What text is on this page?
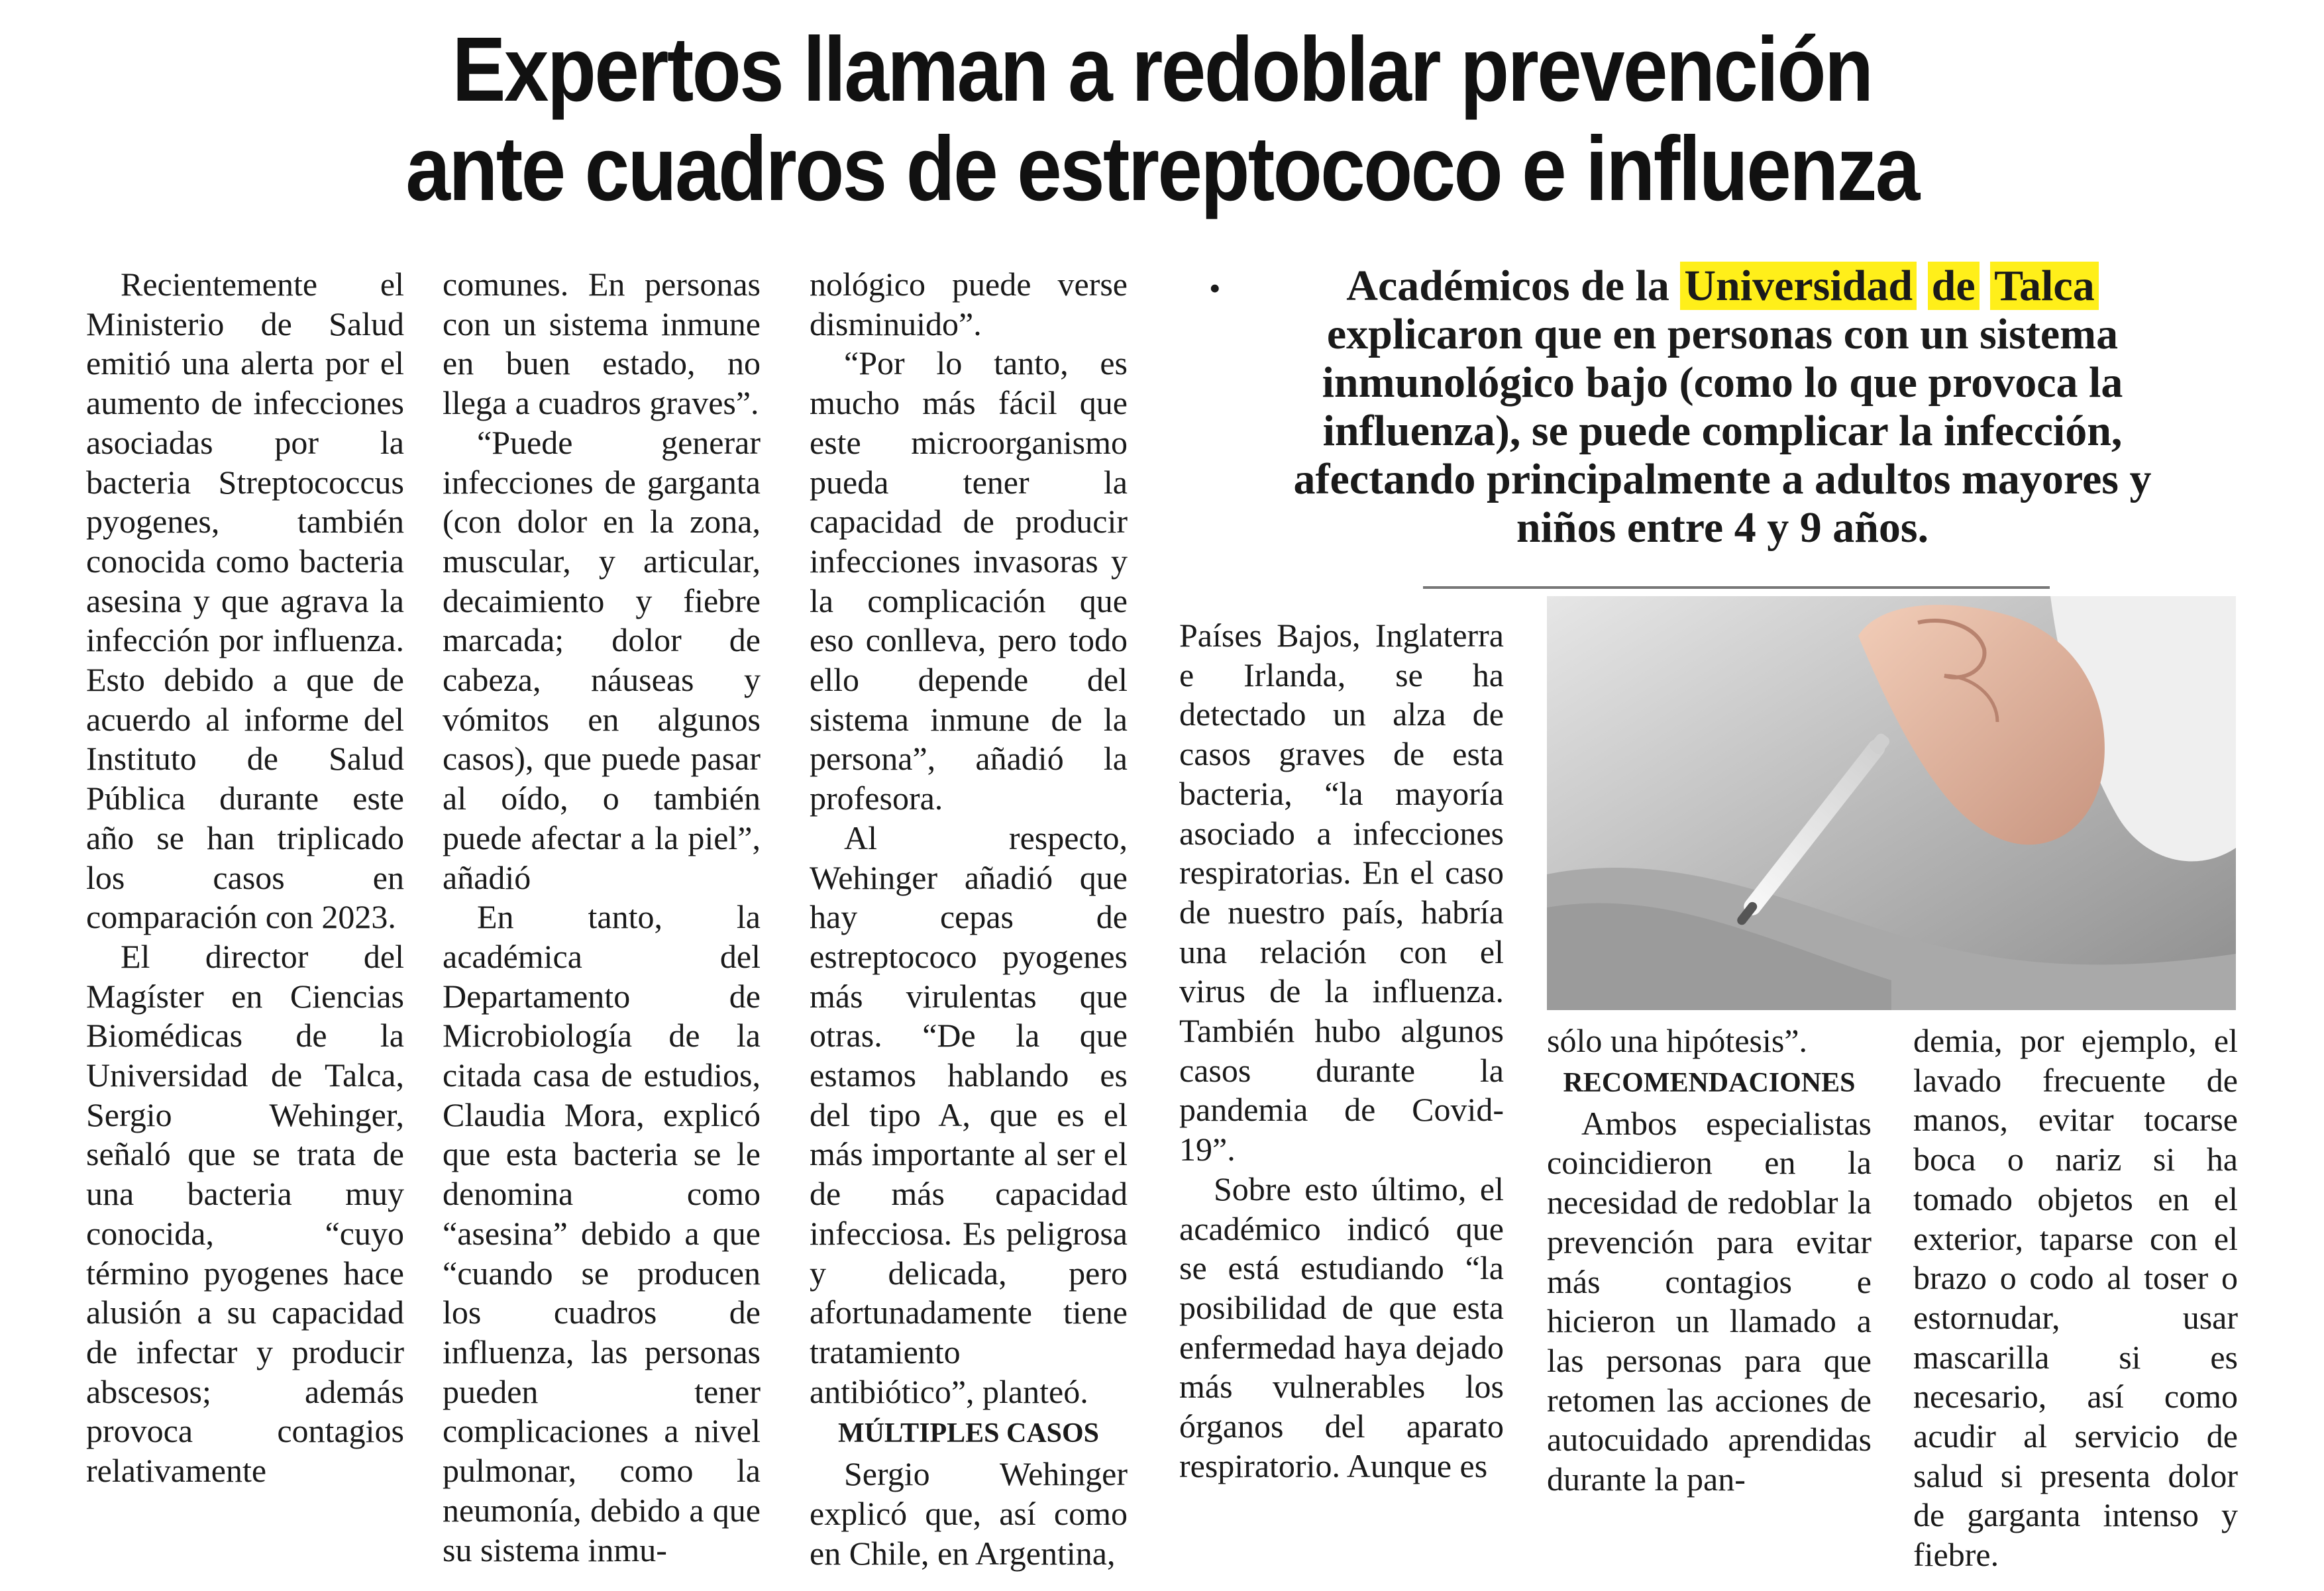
Expertos llaman a redoblar prevención
ante cuadros de estreptococo e influenza

Recientemente el Ministerio de Salud emitió una alerta por el aumento de infecciones asociadas por la bacteria Streptococcus pyogenes, también conocida como bacteria asesina y que agrava la infección por influenza. Esto debido a que de acuerdo al informe del Instituto de Salud Pública durante este año se han triplicado los casos en comparación con 2023.

El director del Magíster en Ciencias Biomédicas de la Universidad de Talca, Sergio Wehinger, señaló que se trata de una bacteria muy conocida, “cuyo término pyogenes hace alusión a su capacidad de infectar y producir abscesos; además provoca contagios relativamente

comunes. En personas con un sistema inmune en buen estado, no llega a cuadros graves”.

“Puede generar infecciones de garganta (con dolor en la zona, muscular, y articular, decaimiento y fiebre marcada; dolor de cabeza, náuseas y vómitos en algunos casos), que puede pasar al oído, o también puede afectar a la piel”, añadió

En tanto, la académica del Departamento de Microbiología de la citada casa de estudios, Claudia Mora, explicó que esta bacteria se le denomina como “asesina” debido a que “cuando se producen los cuadros de influenza, las personas pueden tener complicaciones a nivel pulmonar, como la neumonía, debido a que su sistema inmu-

nológico puede verse disminuido”.

“Por lo tanto, es mucho más fácil que este microorganismo pueda tener la capacidad de producir infecciones invasoras y la complicación que eso conlleva, pero todo ello depende del sistema inmune de la persona”, añadió la profesora.

Al respecto, Wehinger añadió que hay cepas de estreptococo pyogenes más virulentas que otras. “De la que estamos hablando es del tipo A, que es el más importante al ser el de más capacidad infecciosa. Es peligrosa y delicada, pero afortunadamente tiene tratamiento antibiótico”, planteó.

MÚLTIPLES CASOS

Sergio Wehinger explicó que, así como en Chile, en Argentina,

•	Académicos de la Universidad de Talca explicaron que en personas con un sistema inmunológico bajo (como lo que provoca la influenza), se puede complicar la infección, afectando principalmente a adultos mayores y niños entre 4 y 9 años.

Países Bajos, Inglaterra e Irlanda, se ha detectado un alza de casos graves de esta bacteria, “la mayoría asociado a infecciones respiratorias. En el caso de nuestro país, habría una relación con el virus de la influenza. También hubo algunos casos durante la pandemia de Covid-19”.

Sobre esto último, el académico indicó que se está estudiando “la posibilidad de que esta enfermedad haya dejado más vulnerables los órganos del aparato respiratorio. Aunque es

sólo una hipótesis”.

RECOMENDACIONES

Ambos especialistas coincidieron en la necesidad de redoblar la prevención para evitar más contagios e hicieron un llamado a las personas para que retomen las acciones de autocuidado aprendidas durante la pan-

demia, por ejemplo, el lavado frecuente de manos, evitar tocarse boca o nariz si ha tomado objetos en el exterior, taparse con el brazo o codo al toser o estornudar, usar mascarilla si es necesario, así como acudir al servicio de salud si presenta dolor de garganta intenso y fiebre.
